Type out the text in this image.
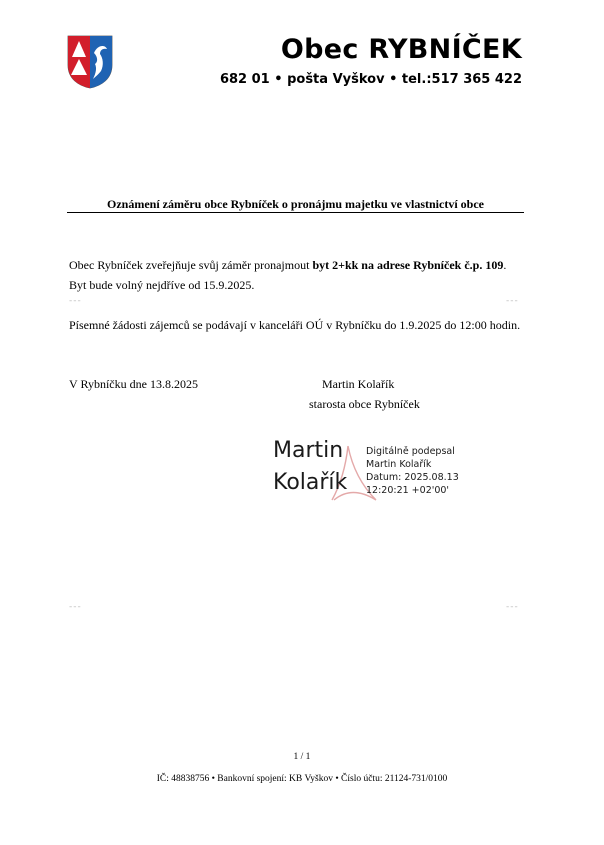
Obec RYBNÍČEK
682 01 • pošta Vyškov • tel.:517 365 422
Oznámení záměru obce Rybníček o pronájmu majetku ve vlastnictví obce
Obec Rybníček zveřejňuje svůj záměr pronajmout byt 2+kk na adrese Rybníček č.p. 109.
Byt bude volný nejdříve od 15.9.2025.
---	---
Písemné žádosti zájemců se podávají v kanceláři OÚ v Rybníčku do 1.9.2025 do 12:00 hodin.
V Rybníčku dne 13.8.2025	Martin Kolařík
starosta obce Rybníček
Martin
Kolařík
Digitálně podepsal
Martin Kolařík
Datum: 2025.08.13
12:20:21 +02'00'
---	---
1 / 1
IČ: 48838756 • Bankovní spojení: KB Vyškov • Číslo účtu: 21124-731/0100
